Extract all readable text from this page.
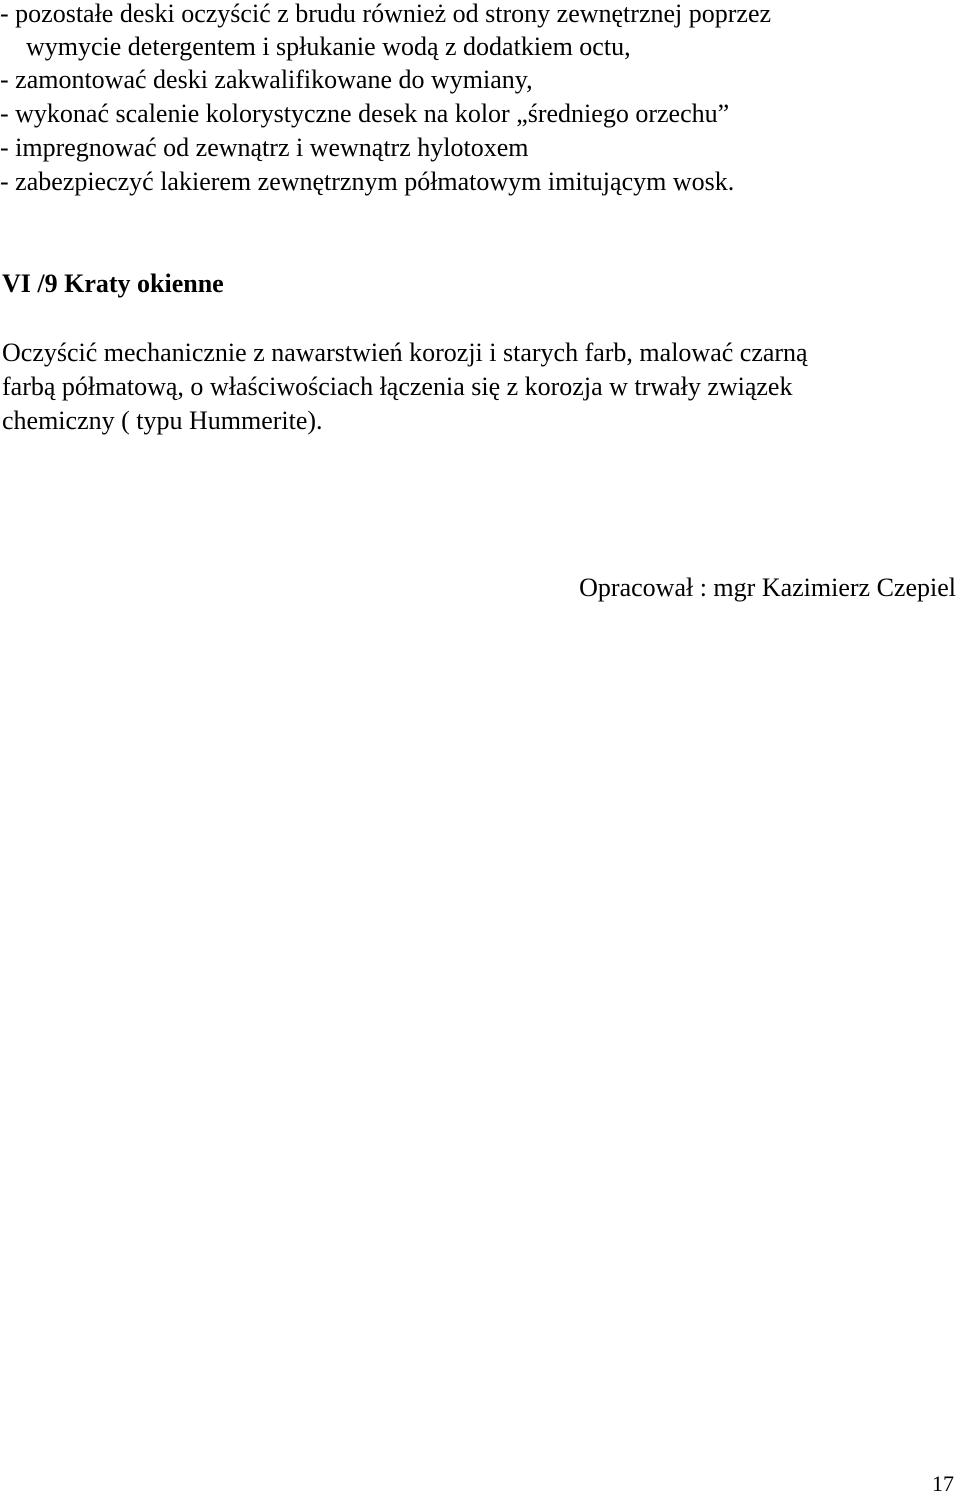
- pozostałe deski oczyścić z brudu również od strony zewnętrznej poprzez

wymycie detergentem i spłukanie wodą z dodatkiem octu,

- zamontować deski zakwalifikowane do wymiany,

- wykonać scalenie kolorystyczne desek na kolor „średniego orzechu”

- impregnować od zewnątrz i wewnątrz hylotoxem

- zabezpieczyć lakierem zewnętrznym półmatowym imitującym wosk.

VI /9 Kraty okienne

Oczyścić mechanicznie z nawarstwień korozji i starych farb, malować czarną

farbą półmatową, o właściwościach łączenia się z korozja w trwały związek

chemiczny ( typu Hummerite).

Opracował : mgr Kazimierz Czepiel

17
